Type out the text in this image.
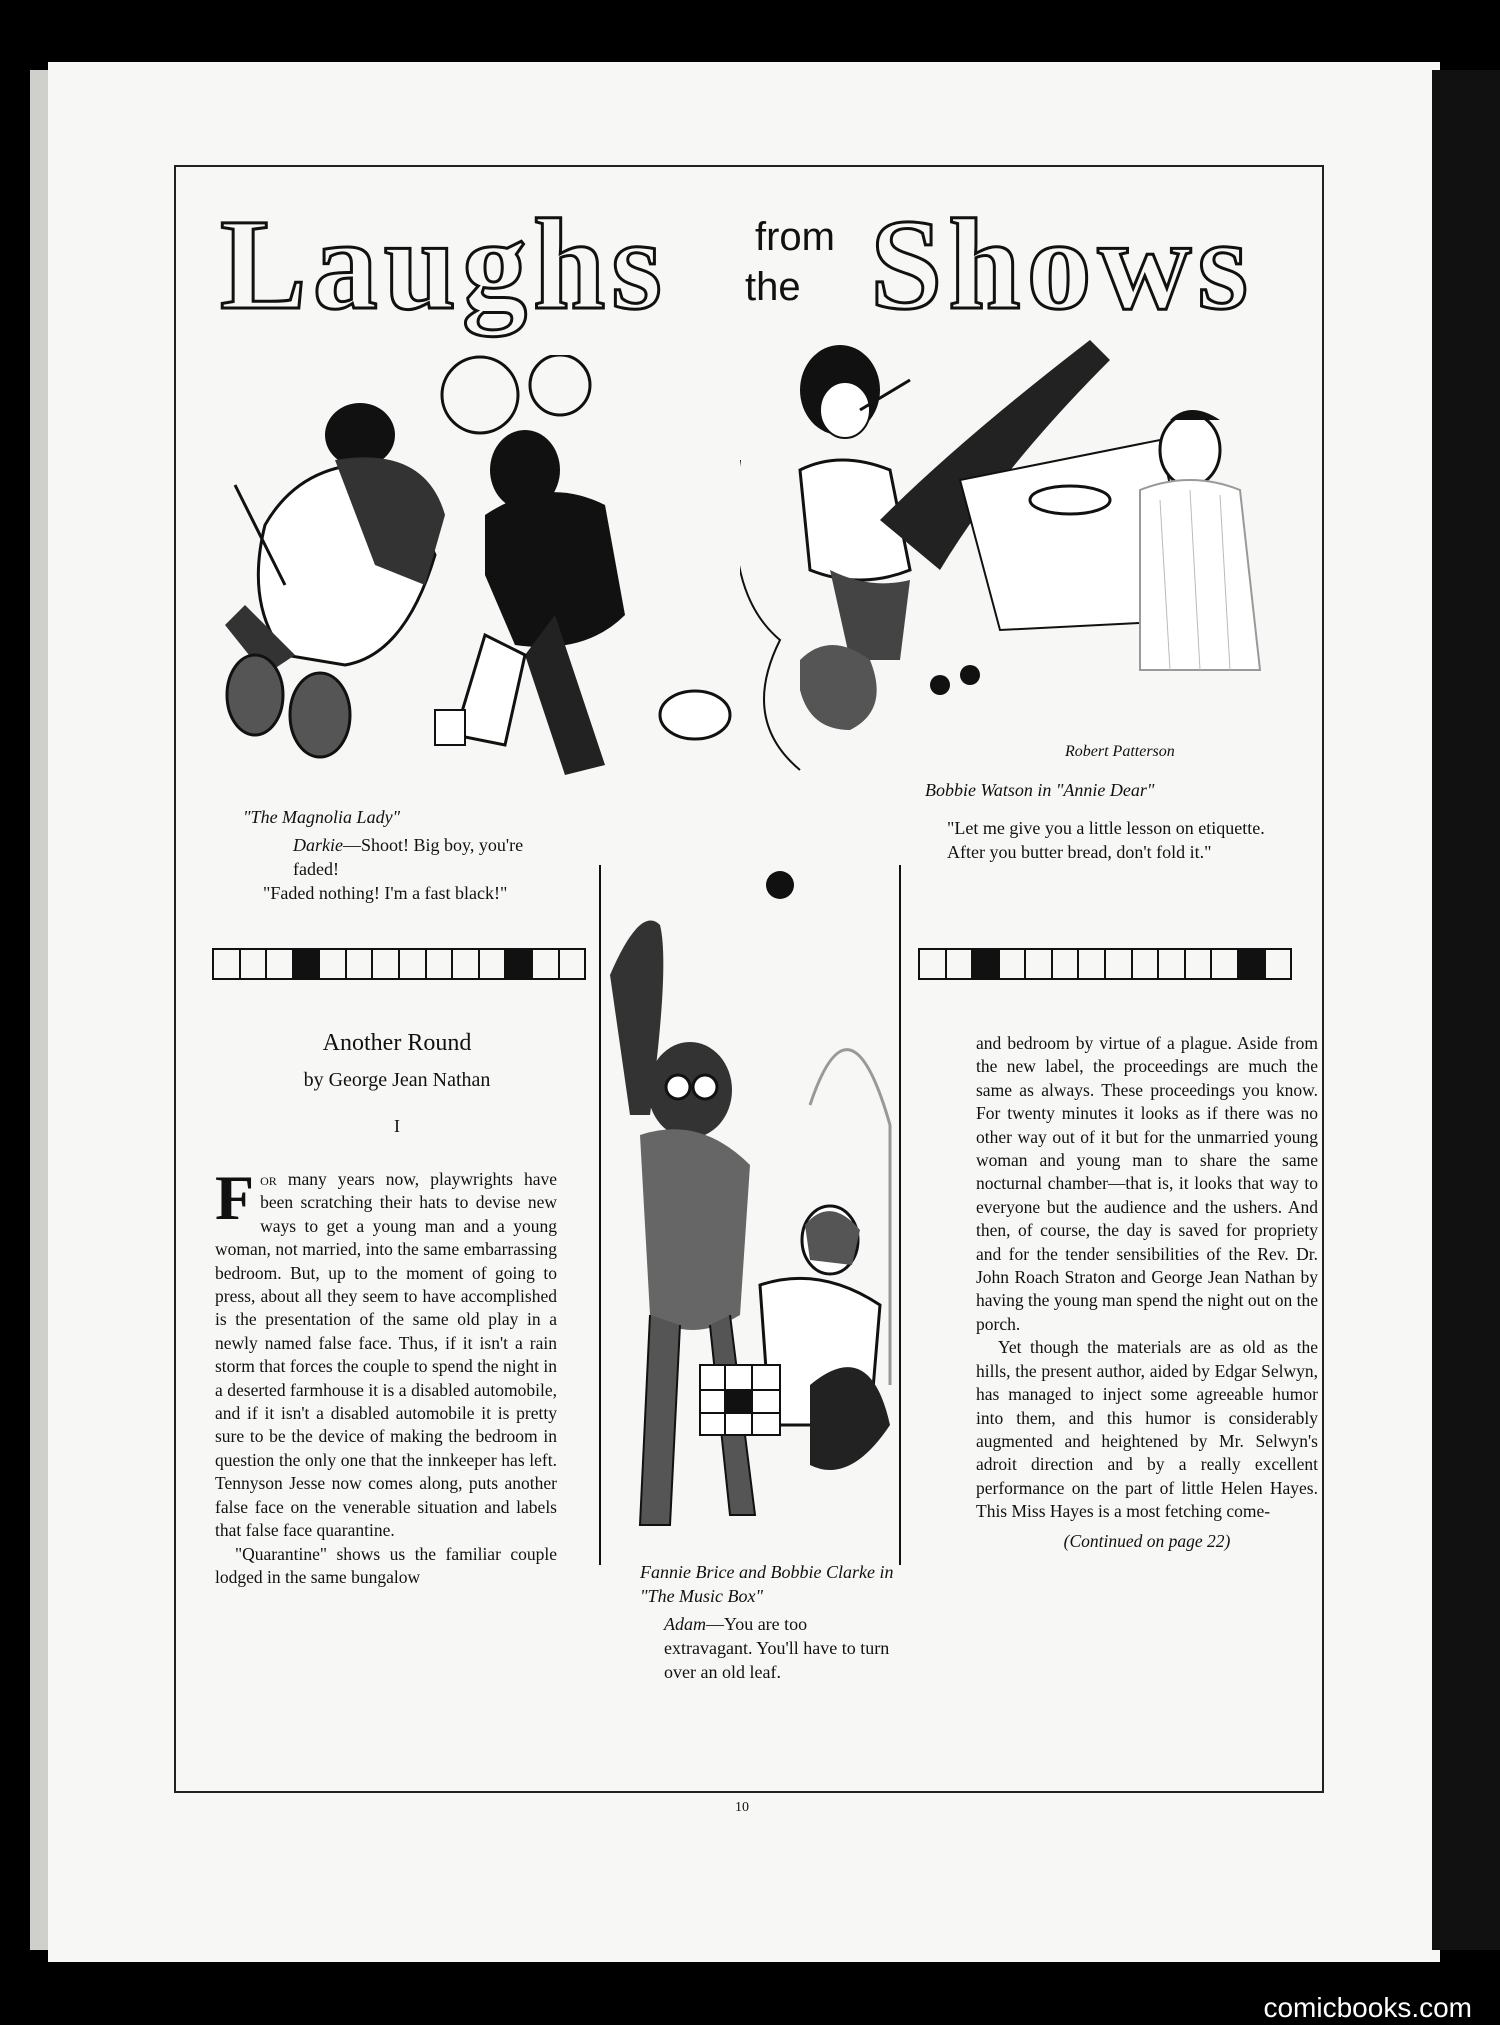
Laughs from
the Shows
Robert Patterson
"The Magnolia Lady"
Darkie—Shoot! Big boy, you're faded!
"Faded nothing! I'm a fast black!"
Bobbie Watson in "Annie Dear"
"Let me give you a little lesson on etiquette. After you butter bread, don't fold it."
Fannie Brice and Bobbie Clarke in "The Music Box"
Adam—You are too extravagant. You'll have to turn over an old leaf.
Another Round
by George Jean Nathan
I
For many years now, playwrights have been scratching their hats to devise new ways to get a young man and a young woman, not married, into the same embarrassing bedroom. But, up to the moment of going to press, about all they seem to have accomplished is the presentation of the same old play in a newly named false face. Thus, if it isn't a rain storm that forces the couple to spend the night in a deserted farmhouse it is a disabled automobile, and if it isn't a disabled automobile it is pretty sure to be the device of making the bedroom in question the only one that the innkeeper has left. Tennyson Jesse now comes along, puts another false face on the venerable situation and labels that false face quarantine.
"Quarantine" shows us the familiar couple lodged in the same bungalow
and bedroom by virtue of a plague. Aside from the new label, the proceedings are much the same as always. These proceedings you know. For twenty minutes it looks as if there was no other way out of it but for the unmarried young woman and young man to share the same nocturnal chamber—that is, it looks that way to everyone but the audience and the ushers. And then, of course, the day is saved for propriety and for the tender sensibilities of the Rev. Dr. John Roach Straton and George Jean Nathan by having the young man spend the night out on the porch.
Yet though the materials are as old as the hills, the present author, aided by Edgar Selwyn, has managed to inject some agreeable humor into them, and this humor is considerably augmented and heightened by Mr. Selwyn's adroit direction and by a really excellent performance on the part of little Helen Hayes. This Miss Hayes is a most fetching come-
(Continued on page 22)
10
comicbooks.com
